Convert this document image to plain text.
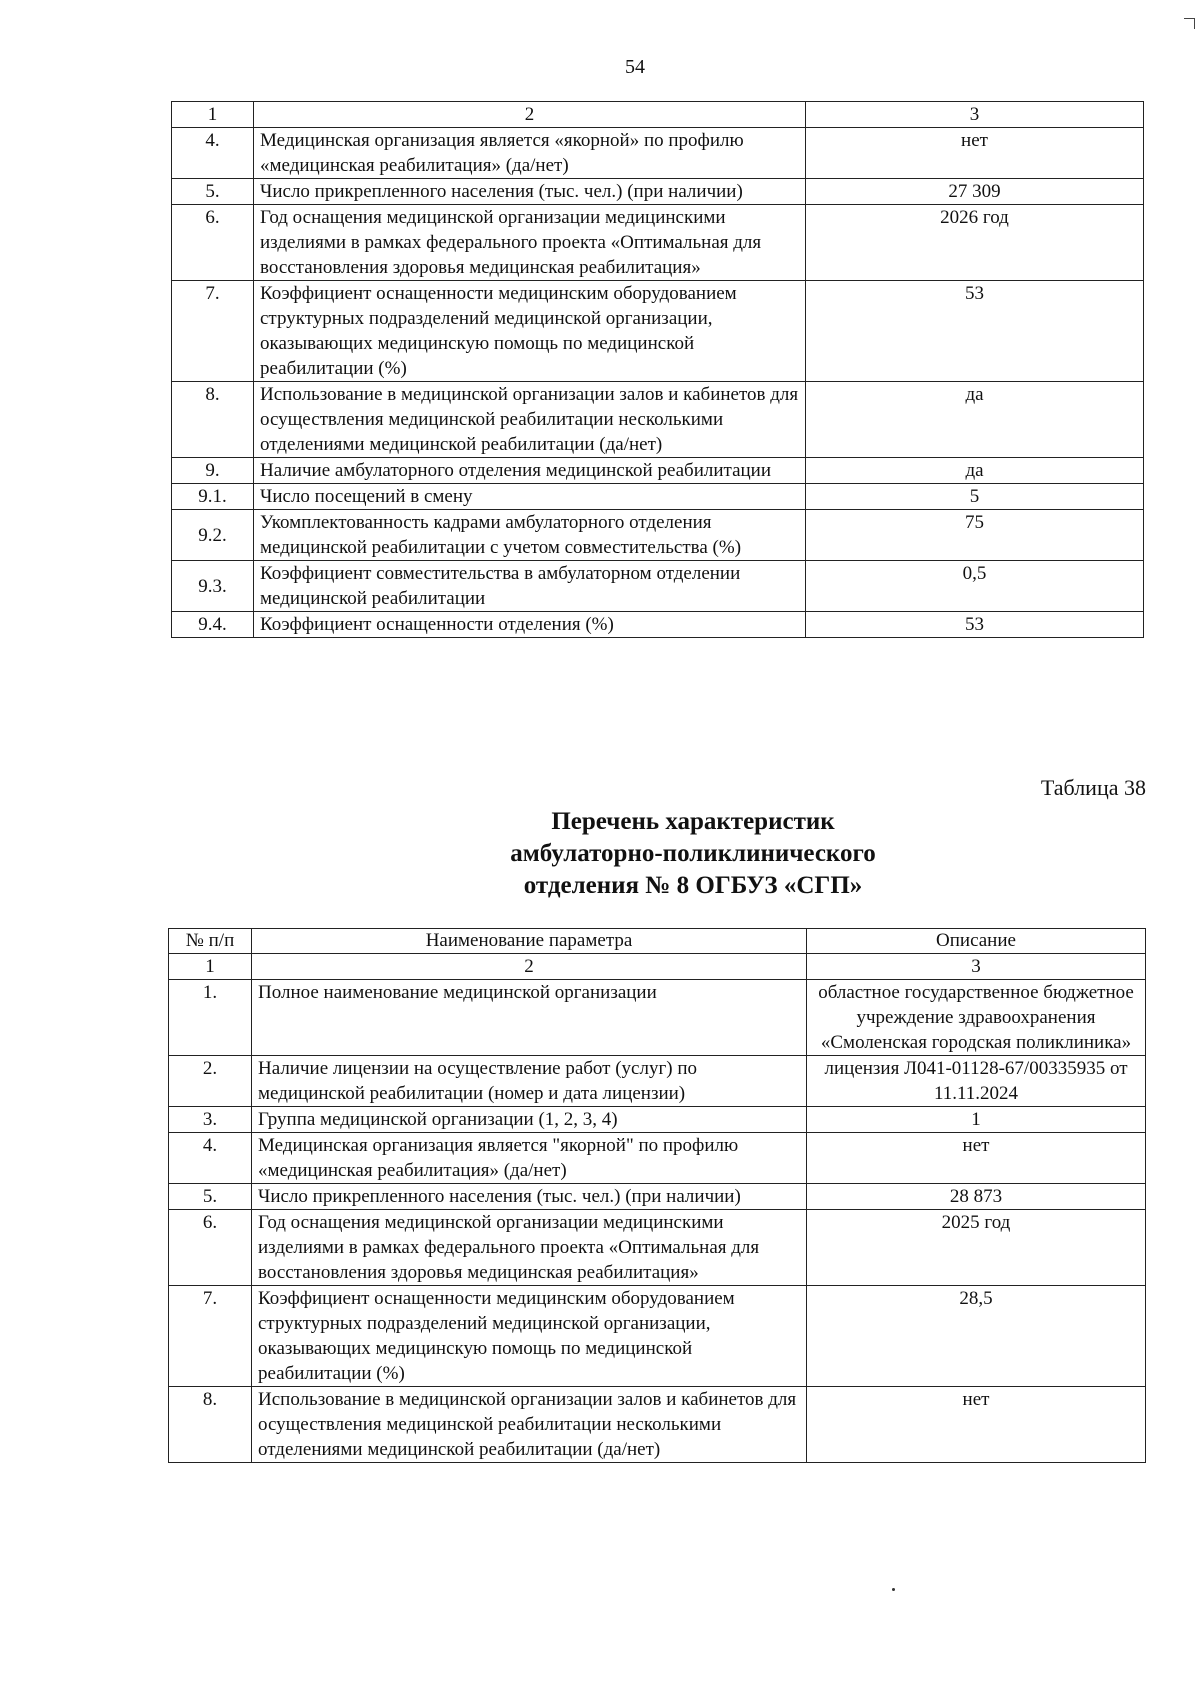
54
1	2	3
4.	Медицинская организация является «якорной» по профилю «медицинская реабилитация» (да/нет)	нет
5.	Число прикрепленного населения (тыс. чел.) (при наличии)	27 309
6.	Год оснащения медицинской организации медицинскими изделиями в рамках федерального проекта «Оптимальная для восстановления здоровья медицинская реабилитация»	2026 год
7.	Коэффициент оснащенности медицинским оборудованием структурных подразделений медицинской организации, оказывающих медицинскую помощь по медицинской реабилитации (%)	53
8.	Использование в медицинской организации залов и кабинетов для осуществления медицинской реабилитации несколькими отделениями медицинской реабилитации (да/нет)	да
9.	Наличие амбулаторного отделения медицинской реабилитации	да
9.1.	Число посещений в смену	5
9.2.	Укомплектованность кадрами амбулаторного отделения медицинской реабилитации с учетом совместительства (%)	75
9.3.	Коэффициент совместительства в амбулаторном отделении медицинской реабилитации	0,5
9.4.	Коэффициент оснащенности отделения (%)	53
Таблица 38
Перечень характеристик
амбулаторно-поликлинического
отделения № 8 ОГБУЗ «СГП»
№ п/п	Наименование параметра	Описание
1	2	3
1.	Полное наименование медицинской организации	областное государственное бюджетное учреждение здравоохранения «Смоленская городская поликлиника»
2.	Наличие лицензии на осуществление работ (услуг) по медицинской реабилитации (номер и дата лицензии)	лицензия Л041-01128-67/00335935 от 11.11.2024
3.	Группа медицинской организации (1, 2, 3, 4)	1
4.	Медицинская организация является "якорной" по профилю «медицинская реабилитация» (да/нет)	нет
5.	Число прикрепленного населения (тыс. чел.) (при наличии)	28 873
6.	Год оснащения медицинской организации медицинскими изделиями в рамках федерального проекта «Оптимальная для восстановления здоровья медицинская реабилитация»	2025 год
7.	Коэффициент оснащенности медицинским оборудованием структурных подразделений медицинской организации, оказывающих медицинскую помощь по медицинской реабилитации (%)	28,5
8.	Использование в медицинской организации залов и кабинетов для осуществления медицинской реабилитации несколькими отделениями медицинской реабилитации (да/нет)	нет
